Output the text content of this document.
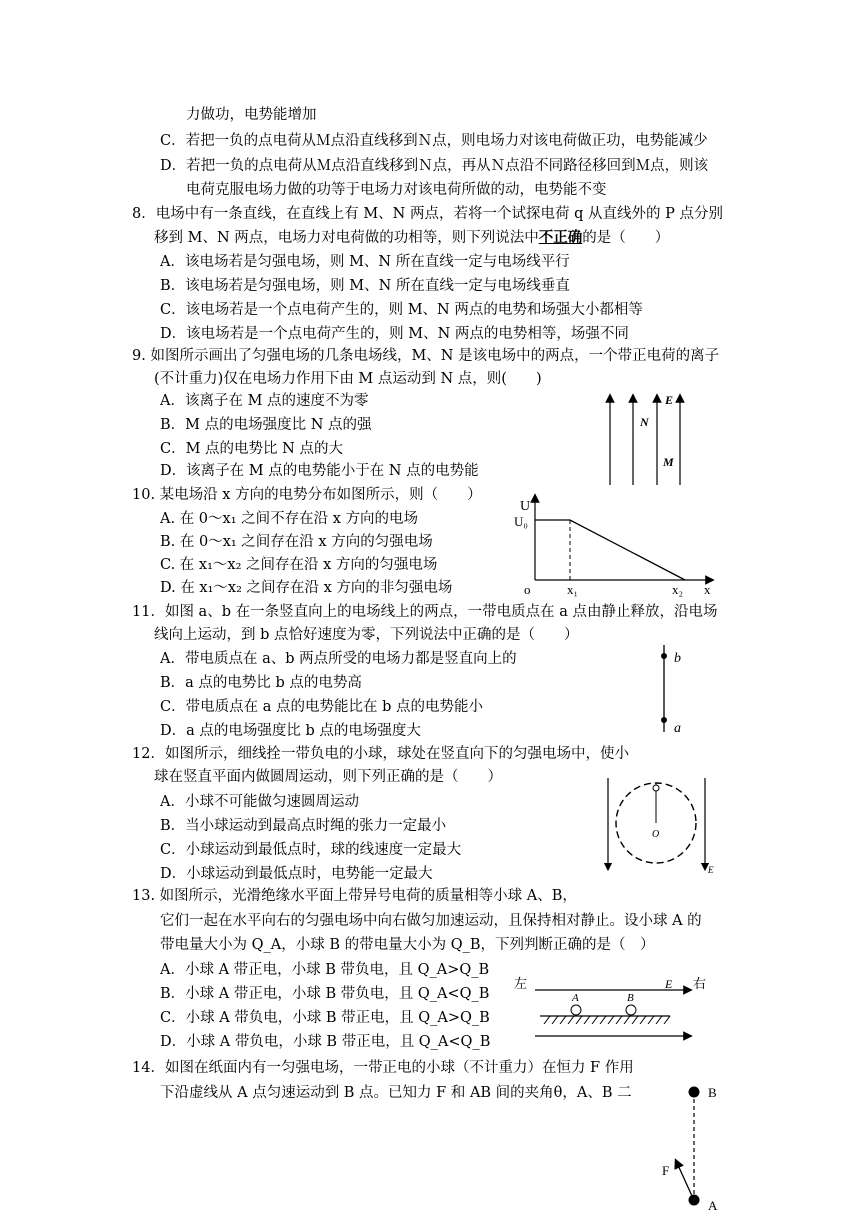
力做功，电势能增加
C．若把一负的点电荷从Ｍ点沿直线移到Ｎ点，则电场力对该电荷做正功，电势能减少
D．若把一负的点电荷从Ｍ点沿直线移到Ｎ点，再从Ｎ点沿不同路径移回到Ｍ点，则该
电荷克服电场力做的功等于电场力对该电荷所做的动，电势能不变
8．电场中有一条直线，在直线上有 M、N 两点，若将一个试探电荷 q 从直线外的 P 点分别
移到 M、N 两点，电场力对电荷做的功相等，则下列说法中不正确的是（　　）
A．该电场若是匀强电场，则 M、N 所在直线一定与电场线平行
B．该电场若是匀强电场，则 M、N 所在直线一定与电场线垂直
C．该电场若是一个点电荷产生的，则 M、N 两点的电势和场强大小都相等
D．该电场若是一个点电荷产生的，则 M、N 两点的电势相等，场强不同
9. 如图所示画出了匀强电场的几条电场线，M、N 是该电场中的两点，一个带正电荷的离子
(不计重力)仅在电场力作用下由 M 点运动到 N 点，则(　　)
A．该离子在 M 点的速度不为零
B．M 点的电场强度比 N 点的强
C．M 点的电势比 N 点的大
D．该离子在 M 点的电势能小于在 N 点的电势能
E
N
M
10. 某电场沿 x 方向的电势分布如图所示，则（　　）
A. 在 0～x₁ 之间不存在沿 x 方向的电场
B. 在 0～x₁ 之间存在沿 x 方向的匀强电场
C. 在 x₁～x₂ 之间存在沿 x 方向的匀强电场
D. 在 x₁～x₂ 之间存在沿 x 方向的非匀强电场
U
U₀
o	x₁	x₂ x
11．如图 a、b 在一条竖直向上的电场线上的两点，一带电质点在 a 点由静止释放，沿电场
线向上运动，到 b 点恰好速度为零，下列说法中正确的是（　　）
A．带电质点在 a、b 两点所受的电场力都是竖直向上的
B．a 点的电势比 b 点的电势高
C．带电质点在 a 点的电势能比在 b 点的电势能小
D．a 点的电场强度比 b 点的电场强度大
b
a
12．如图所示，细线拴一带负电的小球，球处在竖直向下的匀强电场中，使小
球在竖直平面内做圆周运动，则下列正确的是（　　）
A．小球不可能做匀速圆周运动
B．当小球运动到最高点时绳的张力一定最小
C．小球运动到最低点时，球的线速度一定最大
D．小球运动到最低点时，电势能一定最大
O
E
13. 如图所示，光滑绝缘水平面上带异号电荷的质量相等小球 A、B，
它们一起在水平向右的匀强电场中向右做匀加速运动，且保持相对静止。设小球 A 的
带电量大小为 Q_A，小球 B 的带电量大小为 Q_B，下列判断正确的是（　）
A．小球 A 带正电，小球 B 带负电，且 Q_A>Q_B
B．小球 A 带正电，小球 B 带负电，且 Q_A<Q_B
C．小球 A 带负电，小球 B 带正电，且 Q_A>Q_B
D．小球 A 带负电，小球 B 带正电，且 Q_A<Q_B
左	右
E
A	B
14．如图在纸面内有一匀强电场，一带正电的小球（不计重力）在恒力 F 作用
下沿虚线从 A 点匀速运动到 B 点。已知力 F 和 AB 间的夹角θ，A、B 二	B
A
F
